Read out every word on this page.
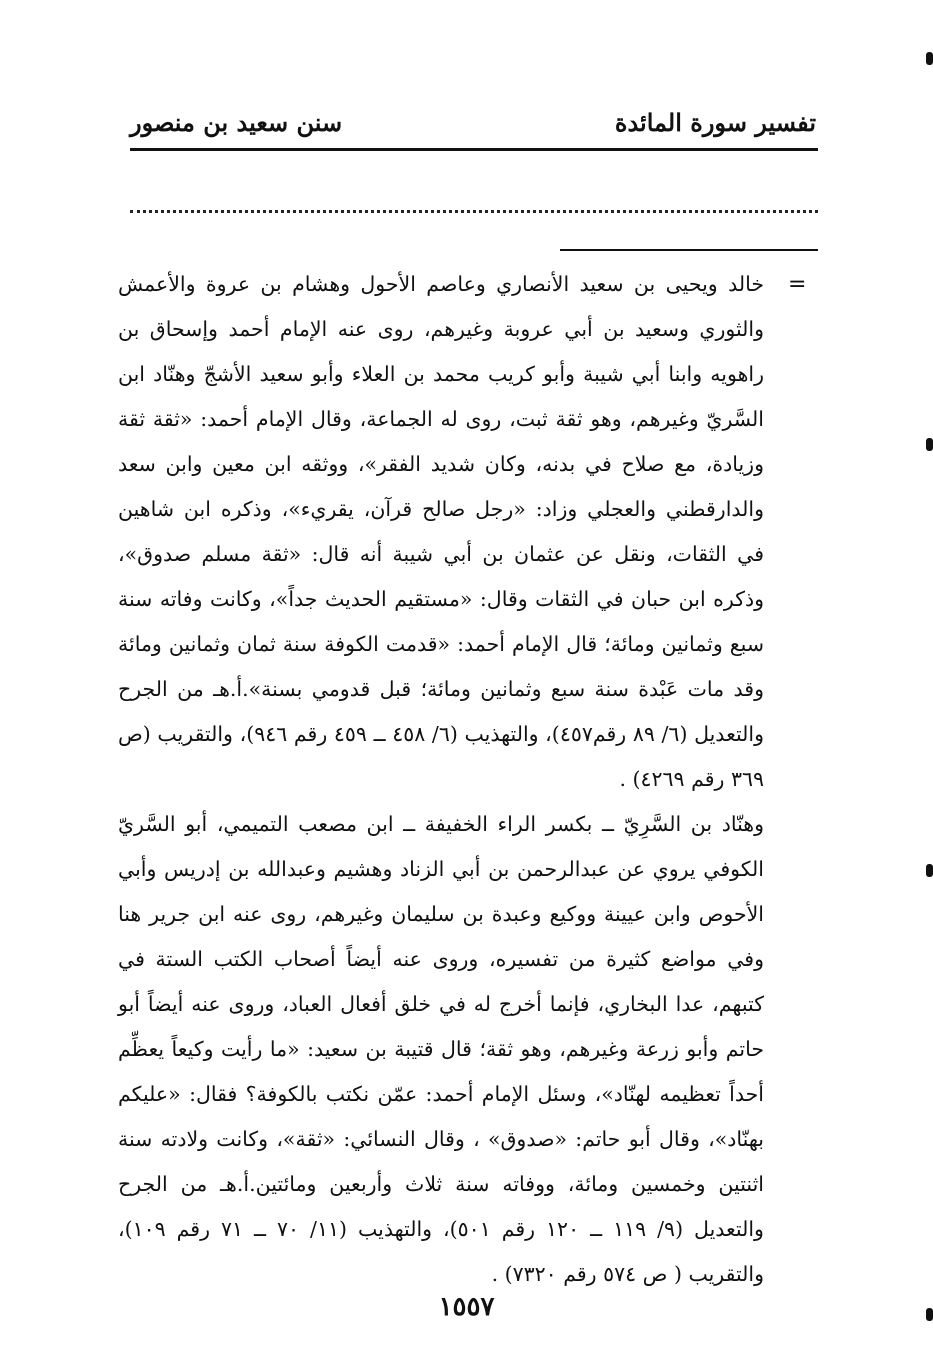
تفسير سورة المائدة
سنن سعيد بن منصور
=

خالد ويحيى بن سعيد الأنصاري وعاصم الأحول وهشام بن عروة والأعمش والثوري وسعيد بن أبي عروبة وغيرهم، روى عنه الإمام أحمد وإسحاق بن راهويه وابنا أبي شيبة وأبو كريب محمد بن العلاء وأبو سعيد الأشجّ وهنّاد ابن السَّريّ وغيرهم، وهو ثقة ثبت، روى له الجماعة، وقال الإمام أحمد: «ثقة ثقة وزيادة، مع صلاح في بدنه، وكان شديد الفقر»، ووثقه ابن معين وابن سعد والدارقطني والعجلي وزاد: «رجل صالح قرآن، يقريء»، وذكره ابن شاهين في الثقات، ونقل عن عثمان بن أبي شيبة أنه قال: «ثقة مسلم صدوق»، وذكره ابن حبان في الثقات وقال: «مستقيم الحديث جداً»، وكانت وفاته سنة سبع وثمانين ومائة؛ قال الإمام أحمد: «قدمت الكوفة سنة ثمان وثمانين ومائة وقد مات عَبْدة سنة سبع وثمانين ومائة؛ قبل قدومي بسنة».أ.هـ من الجرح والتعديل (٦/ ٨٩ رقم٤٥٧)، والتهذيب (٦/ ٤٥٨ ــ ٤٥٩ رقم ٩٤٦)، والتقريب (ص ٣٦٩ رقم ٤٢٦٩) .

وهنّاد بن السَّرِيّ ــ بكسر الراء الخفيفة ــ ابن مصعب التميمي، أبو السَّريّ الكوفي يروي عن عبدالرحمن بن أبي الزناد وهشيم وعبدالله بن إدريس وأبي الأحوص وابن عيينة ووكيع وعبدة بن سليمان وغيرهم، روى عنه ابن جرير هنا وفي مواضع كثيرة من تفسيره، وروى عنه أيضاً أصحاب الكتب الستة في كتبهم، عدا البخاري، فإنما أخرج له في خلق أفعال العباد، وروى عنه أيضاً أبو حاتم وأبو زرعة وغيرهم، وهو ثقة؛ قال قتيبة بن سعيد: «ما رأيت وكيعاً يعظِّم أحداً تعظيمه لهنّاد»، وسئل الإمام أحمد: عمّن نكتب بالكوفة؟ فقال: «عليكم بهنّاد»، وقال أبو حاتم: «صدوق» ، وقال النسائي: «ثقة»، وكانت ولادته سنة اثنتين وخمسين ومائة، ووفاته سنة ثلاث وأربعين ومائتين.أ.هـ من الجرح والتعديل (٩/ ١١٩ ــ ١٢٠ رقم ٥٠١)، والتهذيب (١١/ ٧٠ ــ ٧١ رقم ١٠٩)، والتقريب ( ص ٥٧٤ رقم ٧٣٢٠) .

١٥٥٧
